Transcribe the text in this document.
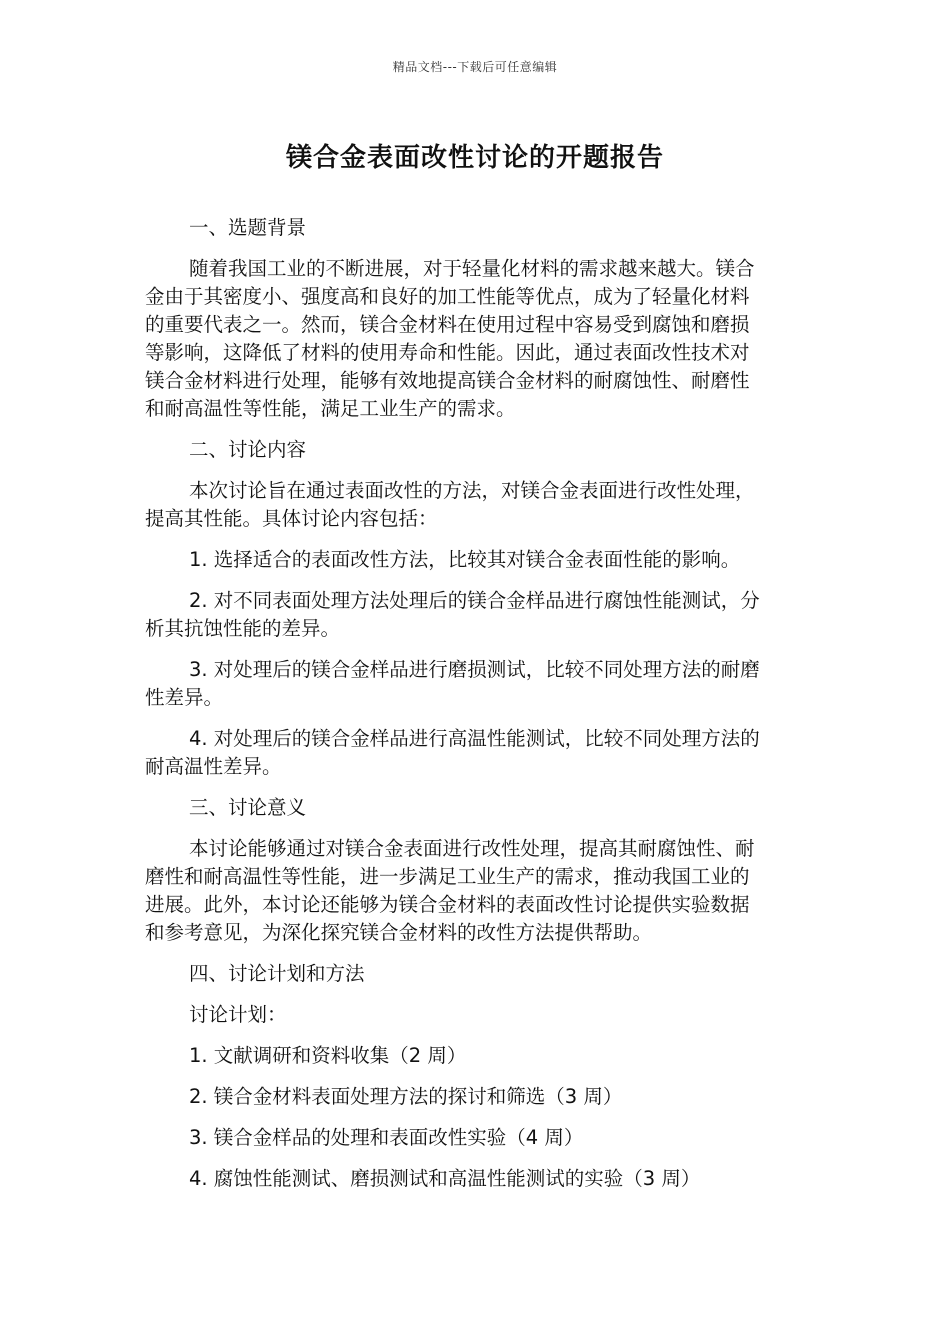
精品文档---下载后可任意编辑
镁合金表面改性讨论的开题报告

一、选题背景

随着我国工业的不断进展，对于轻量化材料的需求越来越大。镁合

金由于其密度小、强度高和良好的加工性能等优点，成为了轻量化材料

的重要代表之一。然而，镁合金材料在使用过程中容易受到腐蚀和磨损

等影响，这降低了材料的使用寿命和性能。因此，通过表面改性技术对

镁合金材料进行处理，能够有效地提高镁合金材料的耐腐蚀性、耐磨性

和耐高温性等性能，满足工业生产的需求。

二、讨论内容

本次讨论旨在通过表面改性的方法，对镁合金表面进行改性处理，

提高其性能。具体讨论内容包括：

1. 选择适合的表面改性方法，比较其对镁合金表面性能的影响。

2. 对不同表面处理方法处理后的镁合金样品进行腐蚀性能测试，分

析其抗蚀性能的差异。

3. 对处理后的镁合金样品进行磨损测试，比较不同处理方法的耐磨

性差异。

4. 对处理后的镁合金样品进行高温性能测试，比较不同处理方法的

耐高温性差异。

三、讨论意义

本讨论能够通过对镁合金表面进行改性处理，提高其耐腐蚀性、耐

磨性和耐高温性等性能，进一步满足工业生产的需求，推动我国工业的

进展。此外，本讨论还能够为镁合金材料的表面改性讨论提供实验数据

和参考意见，为深化探究镁合金材料的改性方法提供帮助。

四、讨论计划和方法

讨论计划：

1. 文献调研和资料收集（2 周）

2. 镁合金材料表面处理方法的探讨和筛选（3 周）

3. 镁合金样品的处理和表面改性实验（4 周）

4. 腐蚀性能测试、磨损测试和高温性能测试的实验（3 周）
